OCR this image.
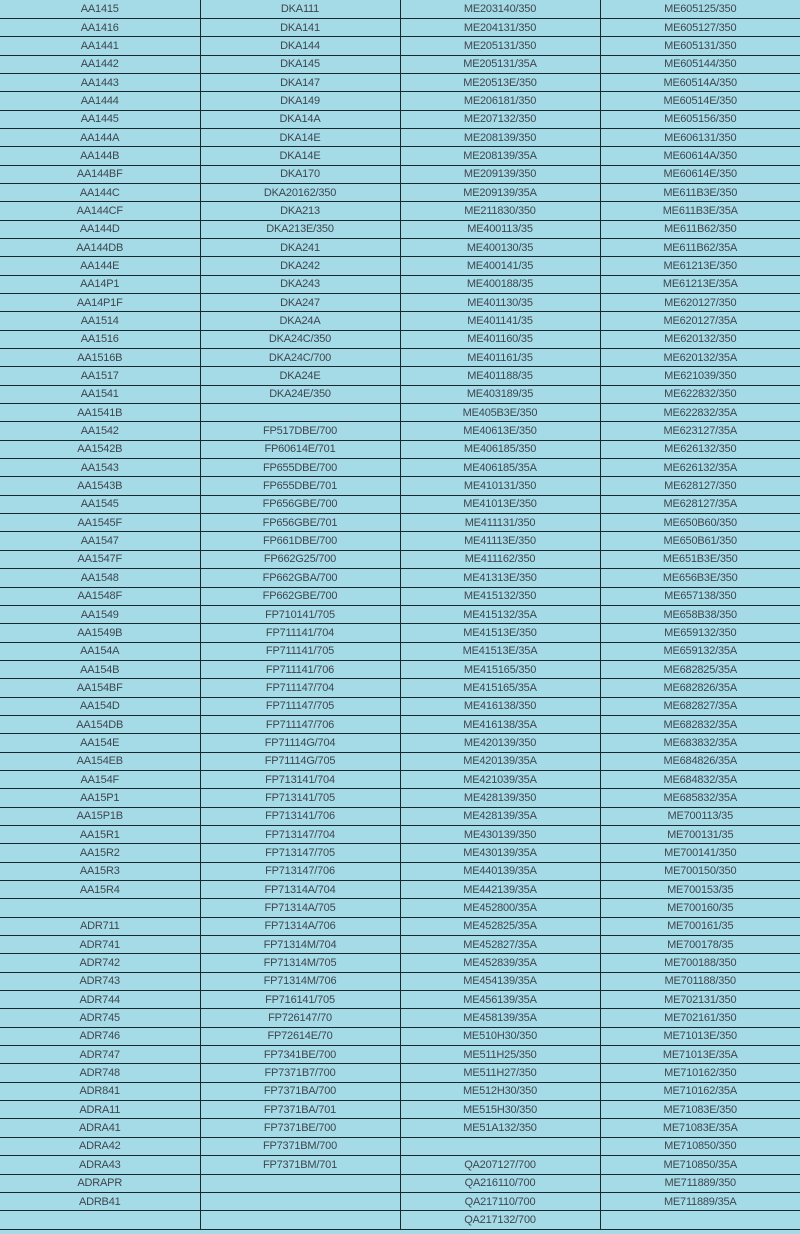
AA1415	DKA111	ME203140/350	ME605125/350
AA1416	DKA141	ME204131/350	ME605127/350
AA1441	DKA144	ME205131/350	ME605131/350
AA1442	DKA145	ME205131/35A	ME605144/350
AA1443	DKA147	ME20513E/350	ME60514A/350
AA1444	DKA149	ME206181/350	ME60514E/350
AA1445	DKA14A	ME207132/350	ME605156/350
AA144A	DKA14E	ME208139/350	ME606131/350
AA144B	DKA14E	ME208139/35A	ME60614A/350
AA144BF	DKA170	ME209139/350	ME60614E/350
AA144C	DKA20162/350	ME209139/35A	ME611B3E/350
AA144CF	DKA213	ME211830/350	ME611B3E/35A
AA144D	DKA213E/350	ME400113/35	ME611B62/350
AA144DB	DKA241	ME400130/35	ME611B62/35A
AA144E	DKA242	ME400141/35	ME61213E/350
AA14P1	DKA243	ME400188/35	ME61213E/35A
AA14P1F	DKA247	ME401130/35	ME620127/350
AA1514	DKA24A	ME401141/35	ME620127/35A
AA1516	DKA24C/350	ME401160/35	ME620132/350
AA1516B	DKA24C/700	ME401161/35	ME620132/35A
AA1517	DKA24E	ME401188/35	ME621039/350
AA1541	DKA24E/350	ME403189/35	ME622832/350
AA1541B		ME405B3E/350	ME622832/35A
AA1542	FP517DBE/700	ME40613E/350	ME623127/35A
AA1542B	FP60614E/701	ME406185/350	ME626132/350
AA1543	FP655DBE/700	ME406185/35A	ME626132/35A
AA1543B	FP655DBE/701	ME410131/350	ME628127/350
AA1545	FP656GBE/700	ME41013E/350	ME628127/35A
AA1545F	FP656GBE/701	ME411131/350	ME650B60/350
AA1547	FP661DBE/700	ME41113E/350	ME650B61/350
AA1547F	FP662G25/700	ME411162/350	ME651B3E/350
AA1548	FP662GBA/700	ME41313E/350	ME656B3E/350
AA1548F	FP662GBE/700	ME415132/350	ME657138/350
AA1549	FP710141/705	ME415132/35A	ME658B38/350
AA1549B	FP711141/704	ME41513E/350	ME659132/350
AA154A	FP711141/705	ME41513E/35A	ME659132/35A
AA154B	FP711141/706	ME415165/350	ME682825/35A
AA154BF	FP711147/704	ME415165/35A	ME682826/35A
AA154D	FP711147/705	ME416138/350	ME682827/35A
AA154DB	FP711147/706	ME416138/35A	ME682832/35A
AA154E	FP71114G/704	ME420139/350	ME683832/35A
AA154EB	FP71114G/705	ME420139/35A	ME684826/35A
AA154F	FP713141/704	ME421039/35A	ME684832/35A
AA15P1	FP713141/705	ME428139/350	ME685832/35A
AA15P1B	FP713141/706	ME428139/35A	ME700113/35
AA15R1	FP713147/704	ME430139/350	ME700131/35
AA15R2	FP713147/705	ME430139/35A	ME700141/350
AA15R3	FP713147/706	ME440139/35A	ME700150/350
AA15R4	FP71314A/704	ME442139/35A	ME700153/35
	FP71314A/705	ME452800/35A	ME700160/35
ADR711	FP71314A/706	ME452825/35A	ME700161/35
ADR741	FP71314M/704	ME452827/35A	ME700178/35
ADR742	FP71314M/705	ME452839/35A	ME700188/350
ADR743	FP71314M/706	ME454139/35A	ME701188/350
ADR744	FP716141/705	ME456139/35A	ME702131/350
ADR745	FP726147/70	ME458139/35A	ME702161/350
ADR746	FP72614E/70	ME510H30/350	ME71013E/350
ADR747	FP7341BE/700	ME511H25/350	ME71013E/35A
ADR748	FP7371B7/700	ME511H27/350	ME710162/350
ADR841	FP7371BA/700	ME512H30/350	ME710162/35A
ADRA11	FP7371BA/701	ME515H30/350	ME71083E/350
ADRA41	FP7371BE/700	ME51A132/350	ME71083E/35A
ADRA42	FP7371BM/700		ME710850/350
ADRA43	FP7371BM/701	QA207127/700	ME710850/35A
ADRAPR		QA216110/700	ME711889/350
ADRB41		QA217110/700	ME711889/35A
		QA217132/700	
